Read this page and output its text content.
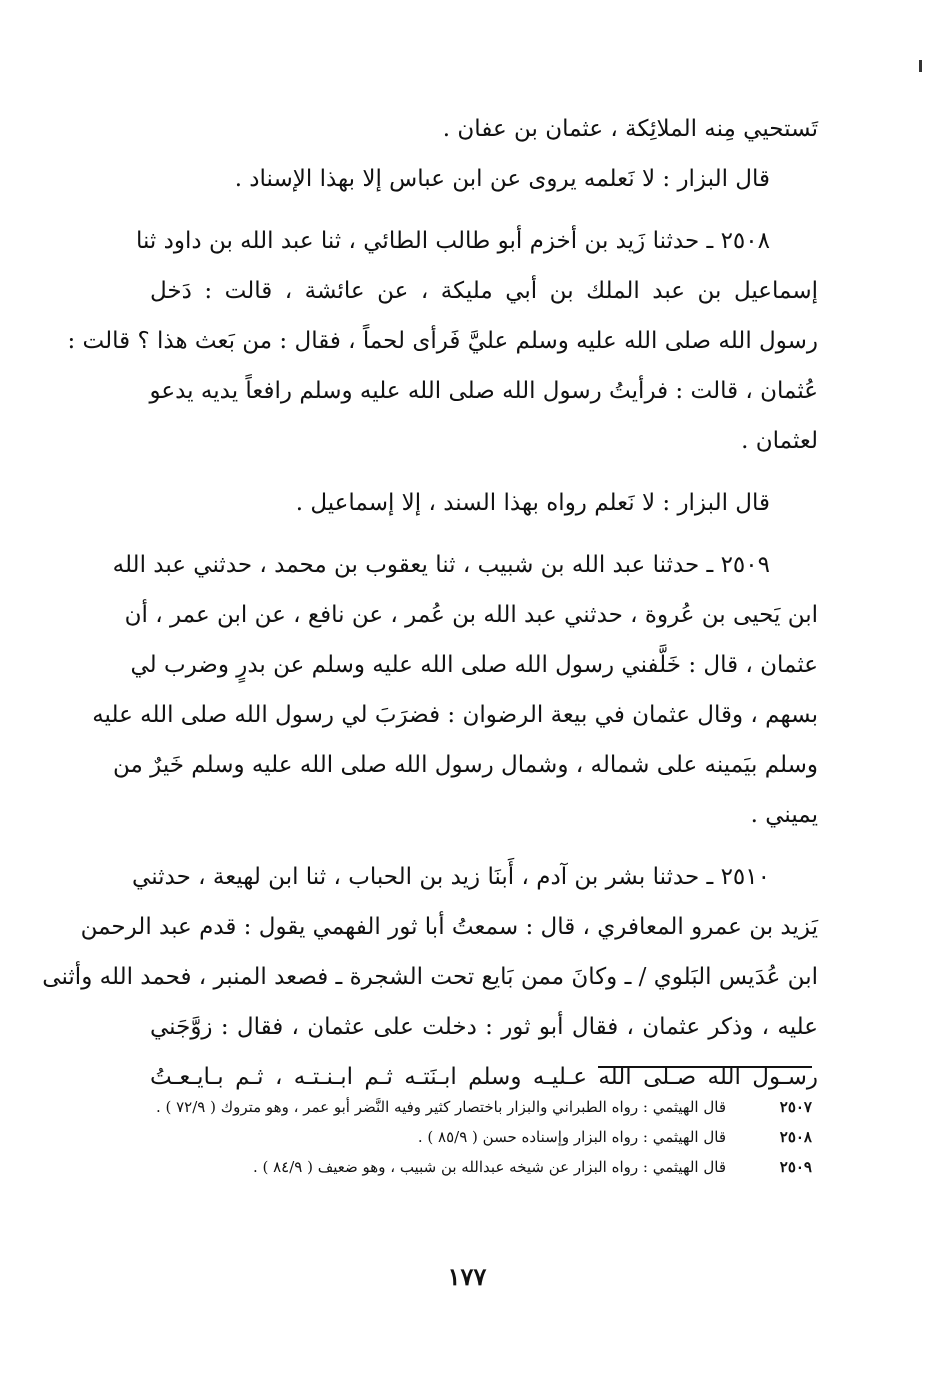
تَستحيي مِنه الملائِكة ، عثمان بن عفان .
قال البزار : لا نَعلمه يروى عن ابن عباس إلا بهذا الإسناد .
٢٥٠٨ ـ حدثنا زَيد بن أخزم أبو طالب الطائي ، ثنا عبد الله بن داود ثنا
إسماعيل بن عبد الملك بن أبي مليكة ، عن عائشة ، قالت : دَخل
رسول الله صلى الله عليه وسلم عليَّ فَرأى لحماً ، فقال : من بَعث هذا ؟ قالت :
عُثمان ، قالت : فرأيتُ رسول الله صلى الله عليه وسلم رافعاً يديه يدعو
لعثمان .
قال البزار : لا نَعلم رواه بهذا السند ، إلا إسماعيل .
٢٥٠٩ ـ حدثنا عبد الله بن شبيب ، ثنا يعقوب بن محمد ، حدثني عبد الله
ابن يَحيى بن عُروة ، حدثني عبد الله بن عُمر ، عن نافع ، عن ابن عمر ، أن
عثمان ، قال : خَلَّفني رسول الله صلى الله عليه وسلم عن بدرٍ وضرب لي
بسهم ، وقال عثمان في بيعة الرضوان : فضرَبَ لي رسول الله صلى الله عليه
وسلم بيَمينه على شماله ، وشمال رسول الله صلى الله عليه وسلم خَيرٌ من
يميني .
٢٥١٠ ـ حدثنا بشر بن آدم ، أَبنَا زيد بن الحباب ، ثنا ابن لهيعة ، حدثني
يَزيد بن عمرو المعافري ، قال : سمعتُ أبا ثور الفهمي يقول : قدم عبد الرحمن
ابن عُدَيس البَلوي / ـ وكانَ ممن بَايع تحت الشجرة ـ فصعد المنبر ، فحمد الله وأثنى
عليه ، وذكر عثمان ، فقال أبو ثور : دخلت على عثمان ، فقال : زوَّجَني
رسـول الله صـلى الله عـليـه وسلم ابـنَتـه ثـم ابـنـتـه ، ثـم بـايـعـتُ
٢٥٠٧
قال الهيثمي : رواه الطبراني والبزار باختصار كثير وفيه النَّضر أبو عمر ، وهو متروك ( ٧٢/٩ ) .
٢٥٠٨
قال الهيثمي : رواه البزار وإسناده حسن ( ٨٥/٩ ) .
٢٥٠٩
قال الهيثمي : رواه البزار عن شيخه عبدالله بن شبيب ، وهو ضعيف ( ٨٤/٩ ) .
١٧٧
